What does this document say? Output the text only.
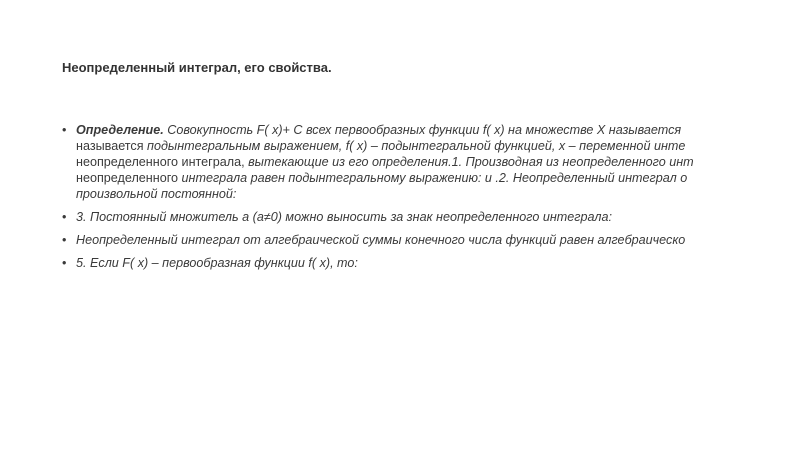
Неопределенный интеграл, его свойства.
• Определение. Совокупность F( x)+ C всех первообразных функции f( x) на множестве X называется
называется подынтегральным выражением, f( x) – подынтегральной функцией, x – переменной инте
неопределенного интеграла, вытекающие из его определения.1. Производная из неопределенного инт
неопределенного интеграла равен подынтегральному выражению: и .2. Неопределенный интеграл о
произвольной постоянной:
• 3. Постоянный множитель a (a≠0) можно выносить за знак неопределенного интеграла:
• Неопределенный интеграл от алгебраической суммы конечного числа функций равен алгебраическо
• 5. Если F( x) – первообразная функции f( x), то:
